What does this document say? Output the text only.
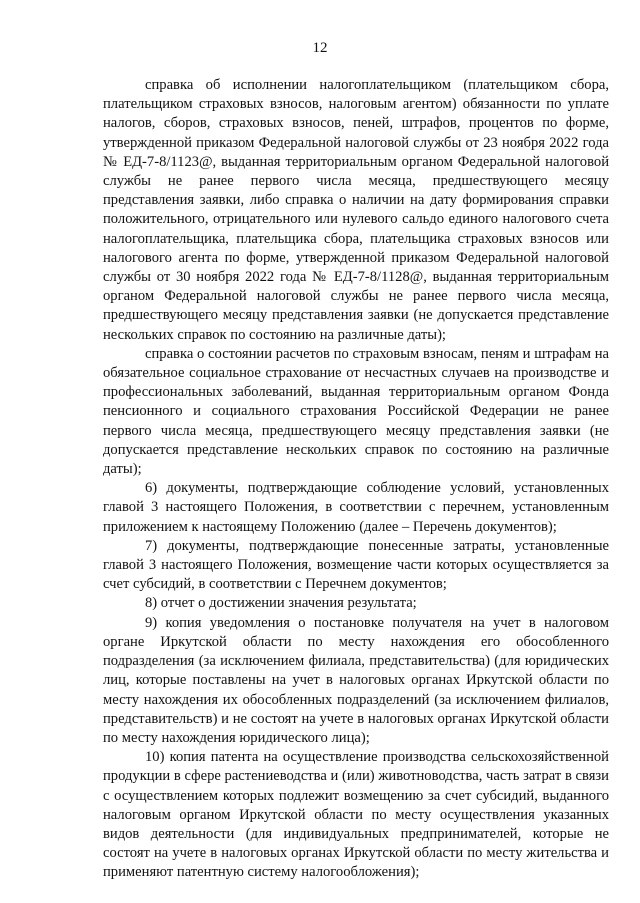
12

справка об исполнении налогоплательщиком (плательщиком сбора, плательщиком страховых взносов, налоговым агентом) обязанности по уплате налогов, сборов, страховых взносов, пеней, штрафов, процентов по форме, утвержденной приказом Федеральной налоговой службы от 23 ноября 2022 года № ЕД-7-8/1123@, выданная территориальным органом Федеральной налоговой службы не ранее первого числа месяца, предшествующего месяцу представления заявки, либо справка о наличии на дату формирования справки положительного, отрицательного или нулевого сальдо единого налогового счета налогоплательщика, плательщика сбора, плательщика страховых взносов или налогового агента по форме, утвержденной приказом Федеральной налоговой службы от 30 ноября 2022 года № ЕД-7-8/1128@, выданная территориальным органом Федеральной налоговой службы не ранее первого числа месяца, предшествующего месяцу представления заявки (не допускается представление нескольких справок по состоянию на различные даты);

справка о состоянии расчетов по страховым взносам, пеням и штрафам на обязательное социальное страхование от несчастных случаев на производстве и профессиональных заболеваний, выданная территориальным органом Фонда пенсионного и социального страхования Российской Федерации не ранее первого числа месяца, предшествующего месяцу представления заявки (не допускается представление нескольких справок по состоянию на различные даты);

6) документы, подтверждающие соблюдение условий, установленных главой 3 настоящего Положения, в соответствии с перечнем, установленным приложением к настоящему Положению (далее – Перечень документов);

7) документы, подтверждающие понесенные затраты, установленные главой 3 настоящего Положения, возмещение части которых осуществляется за счет субсидий, в соответствии с Перечнем документов;

8) отчет о достижении значения результата;

9) копия уведомления о постановке получателя на учет в налоговом органе Иркутской области по месту нахождения его обособленного подразделения (за исключением филиала, представительства) (для юридических лиц, которые поставлены на учет в налоговых органах Иркутской области по месту нахождения их обособленных подразделений (за исключением филиалов, представительств) и не состоят на учете в налоговых органах Иркутской области по месту нахождения юридического лица);

10) копия патента на осуществление производства сельскохозяйственной продукции в сфере растениеводства и (или) животноводства, часть затрат в связи с осуществлением которых подлежит возмещению за счет субсидий, выданного налоговым органом Иркутской области по месту осуществления указанных видов деятельности (для индивидуальных предпринимателей, которые не состоят на учете в налоговых органах Иркутской области по месту жительства и применяют патентную систему налогообложения);
